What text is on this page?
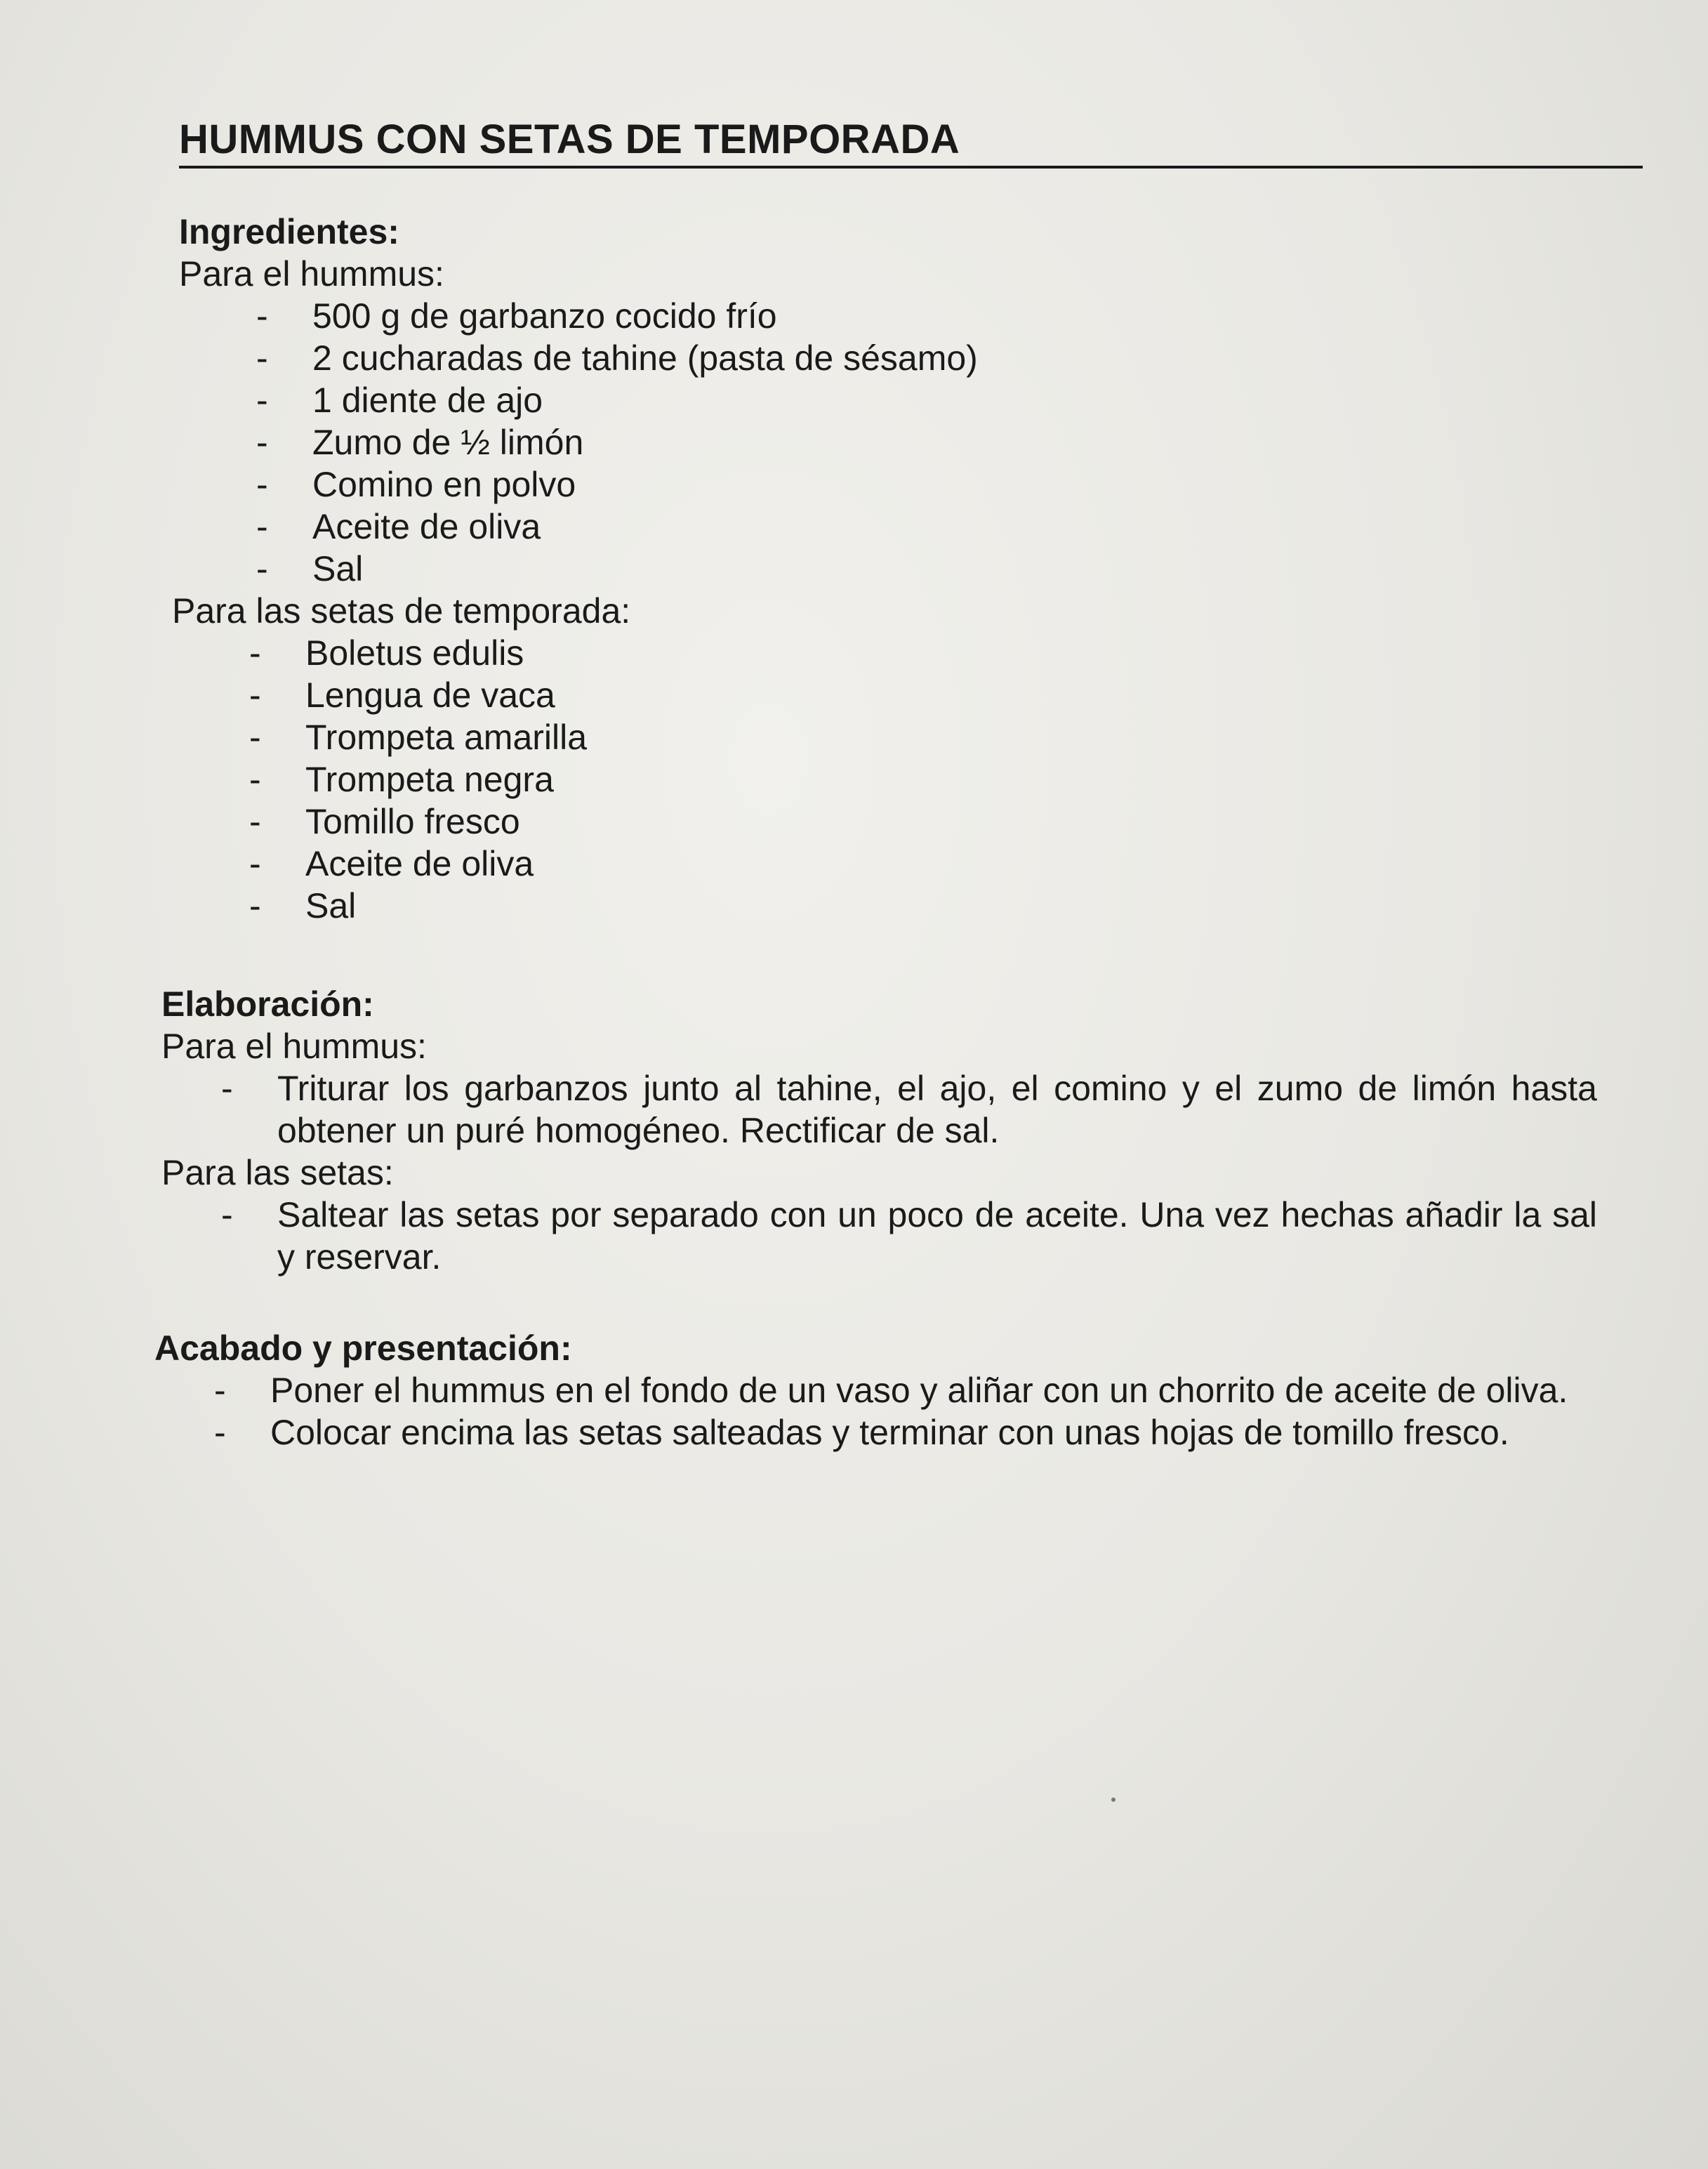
HUMMUS CON SETAS DE TEMPORADA
Ingredientes:
Para el hummus:
- 500 g de garbanzo cocido frío
- 2 cucharadas de tahine (pasta de sésamo)
- 1 diente de ajo
- Zumo de ½ limón
- Comino en polvo
- Aceite de oliva
- Sal
Para las setas de temporada:
- Boletus edulis
- Lengua de vaca
- Trompeta amarilla
- Trompeta negra
- Tomillo fresco
- Aceite de oliva
- Sal
Elaboración:
Para el hummus:
- Triturar los garbanzos junto al tahine, el ajo, el comino y el zumo de limón hasta obtener un puré homogéneo. Rectificar de sal.
Para las setas:
- Saltear las setas por separado con un poco de aceite. Una vez hechas añadir la sal y reservar.
Acabado y presentación:
- Poner el hummus en el fondo de un vaso y aliñar con un chorrito de aceite de oliva.
- Colocar encima las setas salteadas y terminar con unas hojas de tomillo fresco.
